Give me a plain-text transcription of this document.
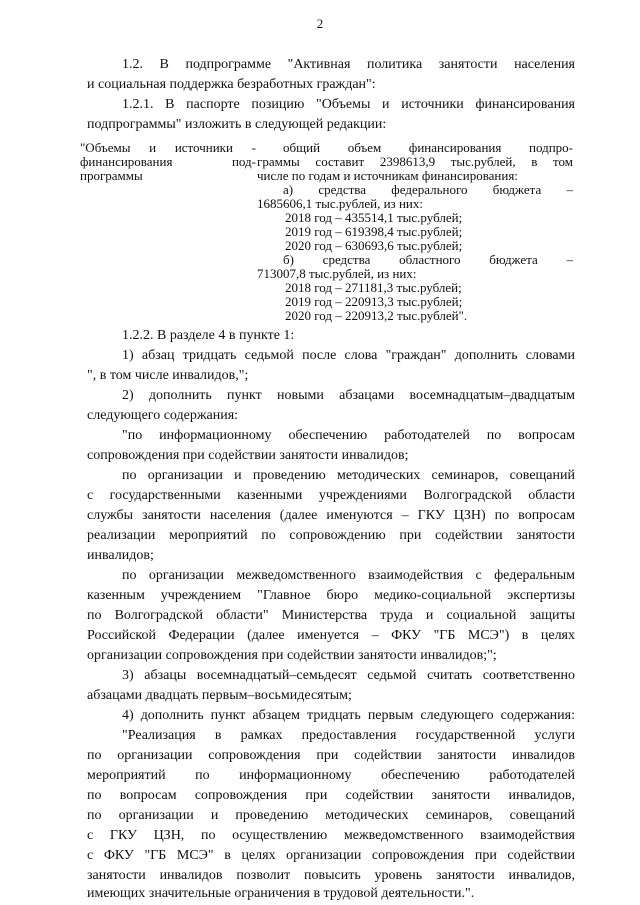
2
1.2. В подпрограмме "Активная политика занятости населения
и социальная поддержка безработных граждан":
1.2.1. В паспорте позицию "Объемы и источники финансирования
подпрограммы" изложить в следующей редакции:
"Объемы и источники -
финансирования под-
программы
общий объем финансирования подпро-
граммы составит 2398613,9 тыс.рублей, в том
числе по годам и источникам финансирования:
а) средства федерального бюджета –
1685606,1 тыс.рублей, из них:
2018 год – 435514,1 тыс.рублей;
2019 год – 619398,4 тыс.рублей;
2020 год – 630693,6 тыс.рублей;
б) средства областного бюджета –
713007,8 тыс.рублей, из них:
2018 год – 271181,3 тыс.рублей;
2019 год – 220913,3 тыс.рублей;
2020 год – 220913,2 тыс.рублей".
1.2.2. В разделе 4 в пункте 1:
1) абзац тридцать седьмой после слова "граждан" дополнить словами
", в том числе инвалидов,";
2) дополнить пункт новыми абзацами восемнадцатым–двадцатым
следующего содержания:
"по информационному обеспечению работодателей по вопросам
сопровождения при содействии занятости инвалидов;
по организации и проведению методических семинаров, совещаний
с государственными казенными учреждениями Волгоградской области
службы занятости населения (далее именуются – ГКУ ЦЗН) по вопросам
реализации мероприятий по сопровождению при содействии занятости
инвалидов;
по организации межведомственного взаимодействия с федеральным
казенным учреждением "Главное бюро медико-социальной экспертизы
по Волгоградской области" Министерства труда и социальной защиты
Российской Федерации (далее именуется – ФКУ "ГБ МСЭ") в целях
организации сопровождения при содействии занятости инвалидов;";
3) абзацы восемнадцатый–семьдесят седьмой считать соответственно
абзацами двадцать первым–восьмидесятым;
4) дополнить пункт абзацем тридцать первым следующего содержания:
"Реализация в рамках предоставления государственной услуги
по организации сопровождения при содействии занятости инвалидов
мероприятий по информационному обеспечению работодателей
по вопросам сопровождения при содействии занятости инвалидов,
по организации и проведению методических семинаров, совещаний
с ГКУ ЦЗН, по осуществлению межведомственного взаимодействия
с ФКУ "ГБ МСЭ" в целях организации сопровождения при содействии
занятости инвалидов позволит повысить уровень занятости инвалидов,
имеющих значительные ограничения в трудовой деятельности.".
